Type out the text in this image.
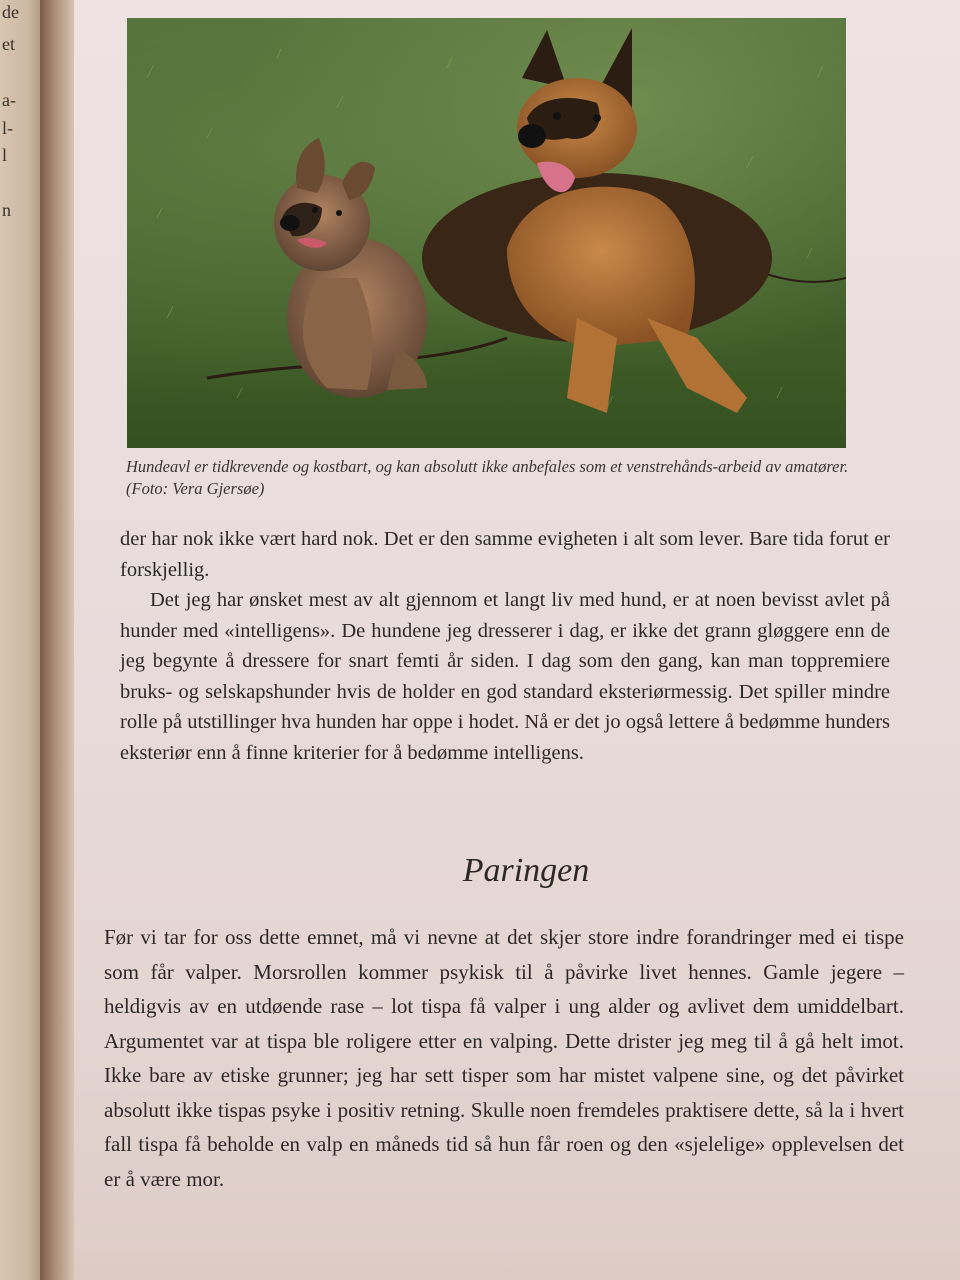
de
et
a-
l-
l
n

Hundeavl er tidkrevende og kostbart, og kan absolutt ikke anbefales som et venstrehånds-arbeid av amatører. (Foto: Vera Gjersøe)

der har nok ikke vært hard nok. Det er den samme evigheten i alt som lever. Bare tida forut er forskjellig.

Det jeg har ønsket mest av alt gjennom et langt liv med hund, er at noen bevisst avlet på hunder med «intelligens». De hundene jeg dresserer i dag, er ikke det grann gløggere enn de jeg begynte å dressere for snart femti år siden. I dag som den gang, kan man toppremiere bruks- og selskapshunder hvis de holder en god standard eksteriørmessig. Det spiller mindre rolle på utstillinger hva hunden har oppe i hodet. Nå er det jo også lettere å bedømme hunders eksteriør enn å finne kriterier for å bedømme intelligens.

Paringen

Før vi tar for oss dette emnet, må vi nevne at det skjer store indre forandringer med ei tispe som får valper. Morsrollen kommer psykisk til å påvirke livet hennes. Gamle jegere – heldigvis av en utdøende rase – lot tispa få valper i ung alder og avlivet dem umiddelbart. Argumentet var at tispa ble roligere etter en valping. Dette drister jeg meg til å gå helt imot. Ikke bare av etiske grunner; jeg har sett tisper som har mistet valpene sine, og det påvirket absolutt ikke tispas psyke i positiv retning. Skulle noen fremdeles praktisere dette, så la i hvert fall tispa få beholde en valp en måneds tid så hun får roen og den «sjelelige» opplevelsen det er å være mor.
